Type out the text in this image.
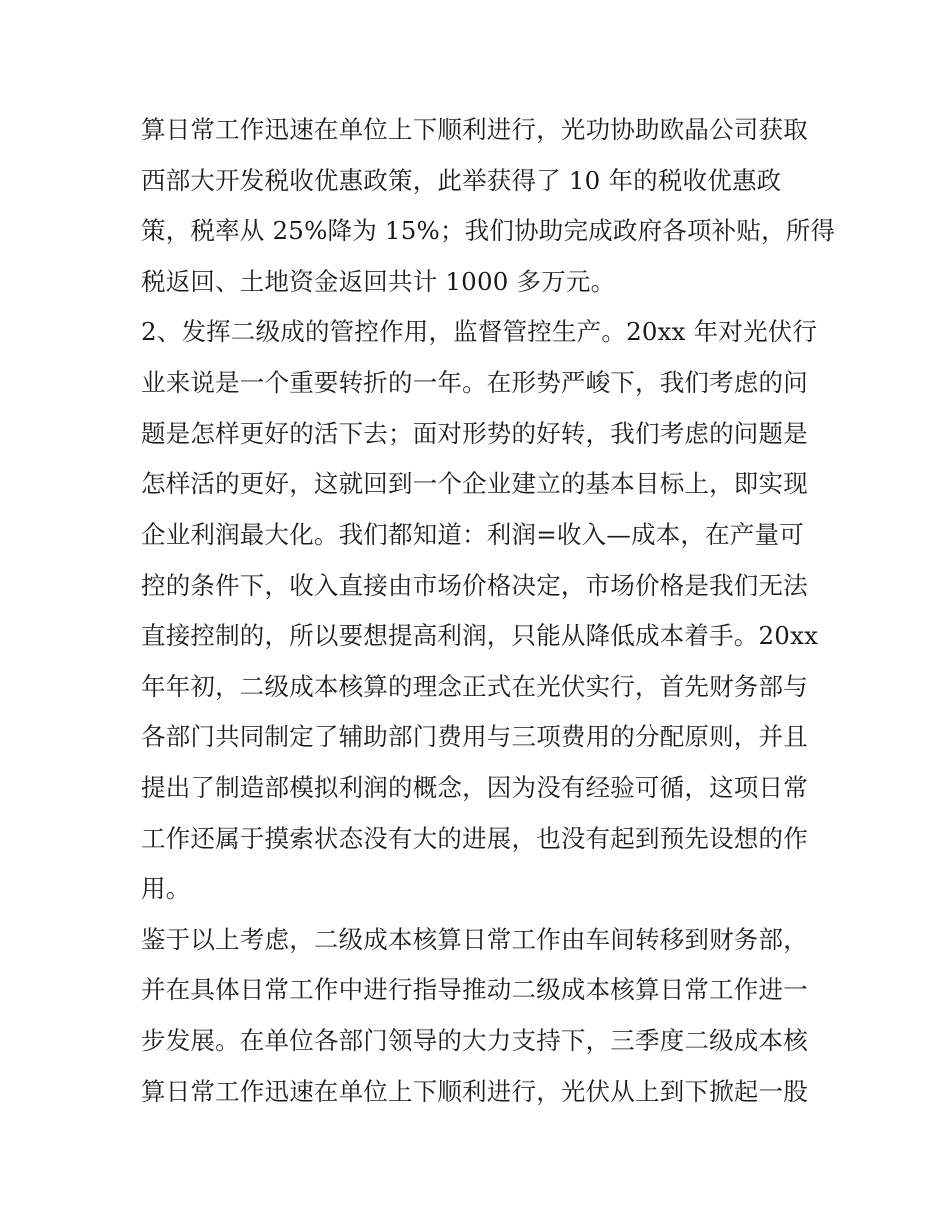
算日常工作迅速在单位上下顺利进行，光功协助欧晶公司获取
西部大开发税收优惠政策，此举获得了 10 年的税收优惠政
策，税率从 25%降为 15%；我们协助完成政府各项补贴，所得
税返回、土地资金返回共计 1000 多万元。
2、发挥二级成的管控作用，监督管控生产。20xx 年对光伏行
业来说是一个重要转折的一年。在形势严峻下，我们考虑的问
题是怎样更好的活下去；面对形势的好转，我们考虑的问题是
怎样活的更好，这就回到一个企业建立的基本目标上，即实现
企业利润最大化。我们都知道：利润=收入—成本，在产量可
控的条件下，收入直接由市场价格决定，市场价格是我们无法
直接控制的，所以要想提高利润，只能从降低成本着手。20xx
年年初，二级成本核算的理念正式在光伏实行，首先财务部与
各部门共同制定了辅助部门费用与三项费用的分配原则，并且
提出了制造部模拟利润的概念，因为没有经验可循，这项日常
工作还属于摸索状态没有大的进展，也没有起到预先设想的作
用。
鉴于以上考虑，二级成本核算日常工作由车间转移到财务部，
并在具体日常工作中进行指导推动二级成本核算日常工作进一
步发展。在单位各部门领导的大力支持下，三季度二级成本核
算日常工作迅速在单位上下顺利进行，光伏从上到下掀起一股
